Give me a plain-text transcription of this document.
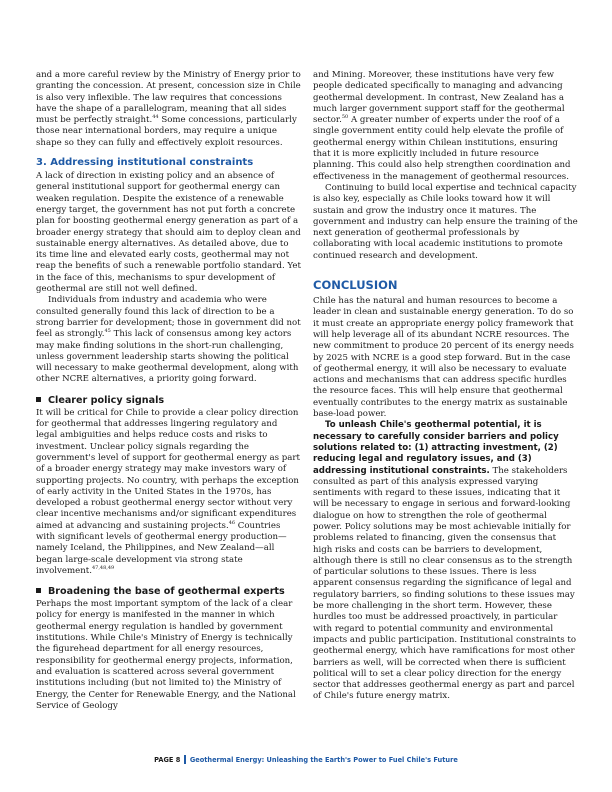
and a more careful review by the Ministry of Energy prior to granting the concession. At present, concession size in Chile is also very inflexible. The law requires that concessions have the shape of a parallelogram, meaning that all sides must be perfectly straight.$^{44}$ Some concessions, particularly those near international borders, may require a unique shape so they can fully and effectively exploit resources.

3. Addressing institutional constraints

A lack of direction in existing policy and an absence of general institutional support for geothermal energy can weaken regulation. Despite the existence of a renewable energy target, the government has not put forth a concrete plan for boosting geothermal energy generation as part of a broader energy strategy that should aim to deploy clean and sustainable energy alternatives. As detailed above, due to its time line and elevated early costs, geothermal may not reap the benefits of such a renewable portfolio standard. Yet in the face of this, mechanisms to spur development of geothermal are still not well defined.

Individuals from industry and academia who were consulted generally found this lack of direction to be a strong barrier for development; those in government did not feel as strongly.$^{45}$ This lack of consensus among key actors may make finding solutions in the short-run challenging, unless government leadership starts showing the political will necessary to make geothermal development, along with other NCRE alternatives, a priority going forward.

Clearer policy signals

It will be critical for Chile to provide a clear policy direction for geothermal that addresses lingering regulatory and legal ambiguities and helps reduce costs and risks to investment. Unclear policy signals regarding the government's level of support for geothermal energy as part of a broader energy strategy may make investors wary of supporting projects. No country, with perhaps the exception of early activity in the United States in the 1970s, has developed a robust geothermal energy sector without very clear incentive mechanisms and/or significant expenditures aimed at advancing and sustaining projects.$^{46}$ Countries with significant levels of geothermal energy production—namely Iceland, the Philippines, and New Zealand—all began large-scale development via strong state involvement.$^{47,48,49}$

Broadening the base of geothermal experts

Perhaps the most important symptom of the lack of a clear policy for energy is manifested in the manner in which geothermal energy regulation is handled by government institutions. While Chile's Ministry of Energy is technically the figurehead department for all energy resources, responsibility for geothermal energy projects, information, and evaluation is scattered across several government institutions including (but not limited to) the Ministry of Energy, the Center for Renewable Energy, and the National Service of Geology

and Mining. Moreover, these institutions have very few people dedicated specifically to managing and advancing geothermal development. In contrast, New Zealand has a much larger government support staff for the geothermal sector.$^{50}$ A greater number of experts under the roof of a single government entity could help elevate the profile of geothermal energy within Chilean institutions, ensuring that it is more explicitly included in future resource planning. This could also help strengthen coordination and effectiveness in the management of geothermal resources.

Continuing to build local expertise and technical capacity is also key, especially as Chile looks toward how it will sustain and grow the industry once it matures. The government and industry can help ensure the training of the next generation of geothermal professionals by collaborating with local academic institutions to promote continued research and development.

CONCLUSION

Chile has the natural and human resources to become a leader in clean and sustainable energy generation. To do so it must create an appropriate energy policy framework that will help leverage all of its abundant NCRE resources. The new commitment to produce 20 percent of its energy needs by 2025 with NCRE is a good step forward. But in the case of geothermal energy, it will also be necessary to evaluate actions and mechanisms that can address specific hurdles the resource faces. This will help ensure that geothermal eventually contributes to the energy matrix as sustainable base-load power.

To unleash Chile's geothermal potential, it is necessary to carefully consider barriers and policy solutions related to: (1) attracting investment, (2) reducing legal and regulatory issues, and (3) addressing institutional constraints. The stakeholders consulted as part of this analysis expressed varying sentiments with regard to these issues, indicating that it will be necessary to engage in serious and forward-looking dialogue on how to strengthen the role of geothermal power. Policy solutions may be most achievable initially for problems related to financing, given the consensus that high risks and costs can be barriers to development, although there is still no clear consensus as to the strength of particular solutions to these issues. There is less apparent consensus regarding the significance of legal and regulatory barriers, so finding solutions to these issues may be more challenging in the short term. However, these hurdles too must be addressed proactively, in particular with regard to potential community and environmental impacts and public participation. Institutional constraints to geothermal energy, which have ramifications for most other barriers as well, will be corrected when there is sufficient political will to set a clear policy direction for the energy sector that addresses geothermal energy as part and parcel of Chile's future energy matrix.

PAGE 8 Geothermal Energy: Unleashing the Earth's Power to Fuel Chile's Future
